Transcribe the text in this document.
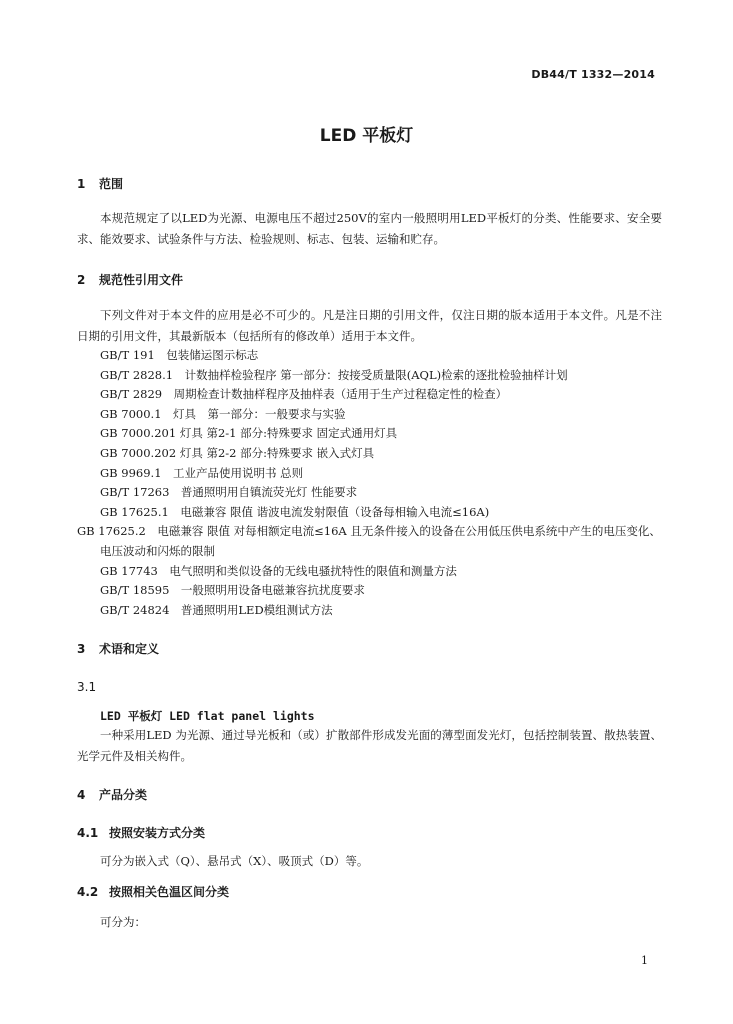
DB44/T 1332—2014
LED 平板灯
1 范围

本规范规定了以LED为光源、电源电压不超过250V的室内一般照明用LED平板灯的分类、性能要求、安全要求、能效要求、试验条件与方法、检验规则、标志、包装、运输和贮存。

2 规范性引用文件

下列文件对于本文件的应用是必不可少的。凡是注日期的引用文件，仅注日期的版本适用于本文件。凡是不注日期的引用文件，其最新版本（包括所有的修改单）适用于本文件。

GB/T 191　包装储运图示标志
GB/T 2828.1　计数抽样检验程序 第一部分：按接受质量限(AQL)检索的逐批检验抽样计划
GB/T 2829　周期检查计数抽样程序及抽样表（适用于生产过程稳定性的检查）
GB 7000.1　灯具　第一部分：一般要求与实验
GB 7000.201 灯具 第2-1 部分:特殊要求 固定式通用灯具
GB 7000.202 灯具 第2-2 部分:特殊要求 嵌入式灯具
GB 9969.1　工业产品使用说明书 总则
GB/T 17263　普通照明用自镇流荧光灯 性能要求
GB 17625.1　电磁兼容 限值 谐波电流发射限值（设备每相输入电流≤16A)
GB 17625.2　电磁兼容 限值 对每相额定电流≤16A 且无条件接入的设备在公用低压供电系统中产生的电压变化、电压波动和闪烁的限制
GB 17743　电气照明和类似设备的无线电骚扰特性的限值和测量方法
GB/T 18595　一般照明用设备电磁兼容抗扰度要求
GB/T 24824　普通照明用LED模组测试方法
3 术语和定义
3.1
LED 平板灯 LED flat panel lights

一种采用LED 为光源、通过导光板和（或）扩散部件形成发光面的薄型面发光灯，包括控制装置、散热装置、光学元件及相关构件。

4 产品分类
4.1 按照安装方式分类
可分为嵌入式（Q）、悬吊式（X）、吸顶式（D）等。
4.2 按照相关色温区间分类
可分为：
1
